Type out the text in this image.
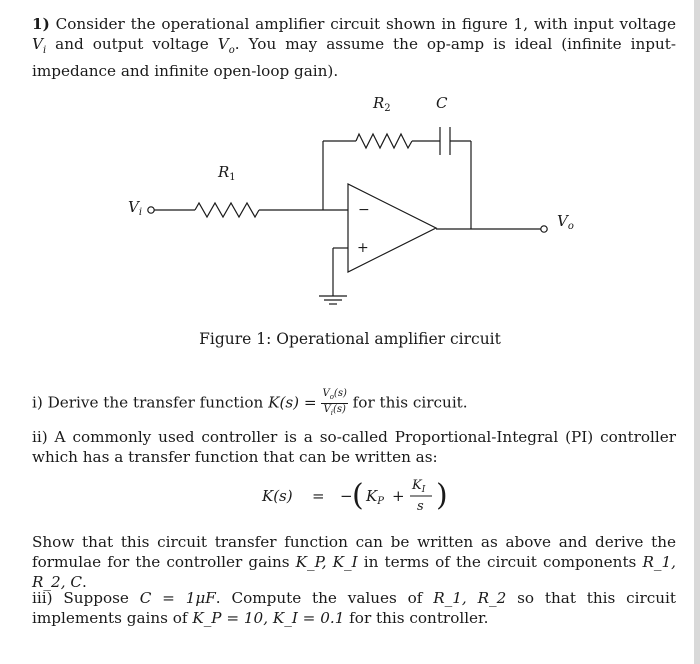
1) Consider the operational amplifier circuit shown in figure 1, with input voltage $V_i$ and output voltage $V_o$. You may assume the op-amp is ideal (infinite input-impedance and infinite open-loop gain).
$R_2$	C
$R_1$
$V_i$	$V_o$
−
+
Figure 1: Operational amplifier circuit
i) Derive the transfer function $K(s) = \frac{V_o(s)}{V_i(s)}$ for this circuit.
ii) A commonly used controller is a so-called Proportional-Integral (PI) controller which has a transfer function that can be written as:
K(s) = − ( $K_P$ +
$K_I$
s )
Show that this circuit transfer function can be written as above and derive the formulae for the controller gains K_P, K_I in terms of the circuit components R_1, R_2, C.
iii) Suppose C = 1μF. Compute the values of R_1, R_2 so that this circuit implements gains of K_P = 10, K_I = 0.1 for this controller.
